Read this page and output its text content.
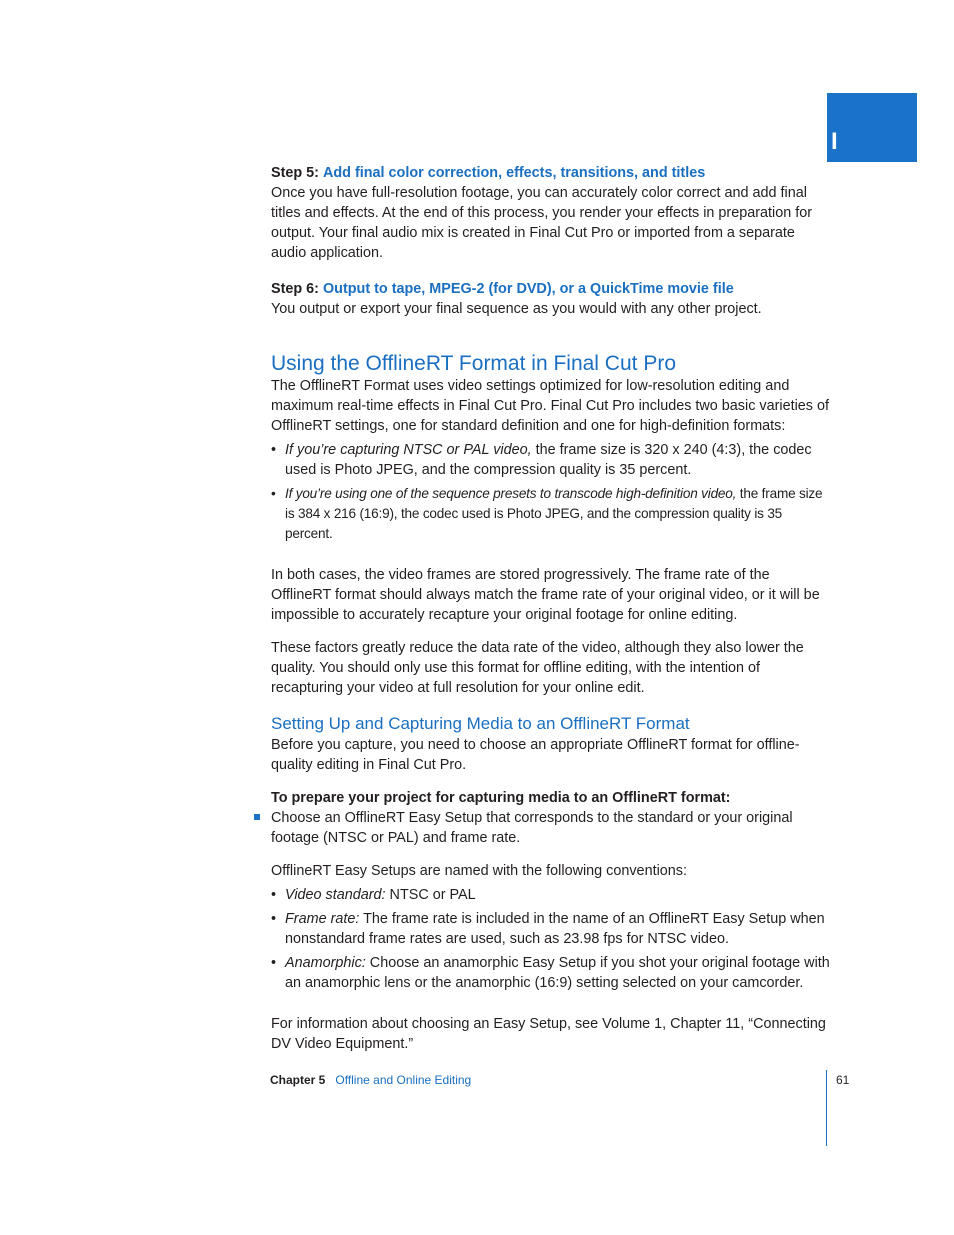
I

Step 5: Add final color correction, effects, transitions, and titles

Once you have full-resolution footage, you can accurately color correct and add final titles and effects. At the end of this process, you render your effects in preparation for output. Your final audio mix is created in Final Cut Pro or imported from a separate audio application.

Step 6: Output to tape, MPEG-2 (for DVD), or a QuickTime movie file

You output or export your final sequence as you would with any other project.

Using the OfflineRT Format in Final Cut Pro

The OfflineRT Format uses video settings optimized for low-resolution editing and maximum real-time effects in Final Cut Pro. Final Cut Pro includes two basic varieties of OfflineRT settings, one for standard definition and one for high-definition formats:

• If you’re capturing NTSC or PAL video, the frame size is 320 x 240 (4:3), the codec used is Photo JPEG, and the compression quality is 35 percent.
• If you’re using one of the sequence presets to transcode high-definition video, the frame size is 384 x 216 (16:9), the codec used is Photo JPEG, and the compression quality is 35 percent.

In both cases, the video frames are stored progressively. The frame rate of the OfflineRT format should always match the frame rate of your original video, or it will be impossible to accurately recapture your original footage for online editing.

These factors greatly reduce the data rate of the video, although they also lower the quality. You should only use this format for offline editing, with the intention of recapturing your video at full resolution for your online edit.

Setting Up and Capturing Media to an OfflineRT Format

Before you capture, you need to choose an appropriate OfflineRT format for offline-quality editing in Final Cut Pro.

To prepare your project for capturing media to an OfflineRT format:

Choose an OfflineRT Easy Setup that corresponds to the standard or your original footage (NTSC or PAL) and frame rate.

OfflineRT Easy Setups are named with the following conventions:

• Video standard: NTSC or PAL
• Frame rate: The frame rate is included in the name of an OfflineRT Easy Setup when nonstandard frame rates are used, such as 23.98 fps for NTSC video.
• Anamorphic: Choose an anamorphic Easy Setup if you shot your original footage with an anamorphic lens or the anamorphic (16:9) setting selected on your camcorder.

For information about choosing an Easy Setup, see Volume 1, Chapter 11, “Connecting DV Video Equipment.”

Chapter 5 Offline and Online Editing	61
